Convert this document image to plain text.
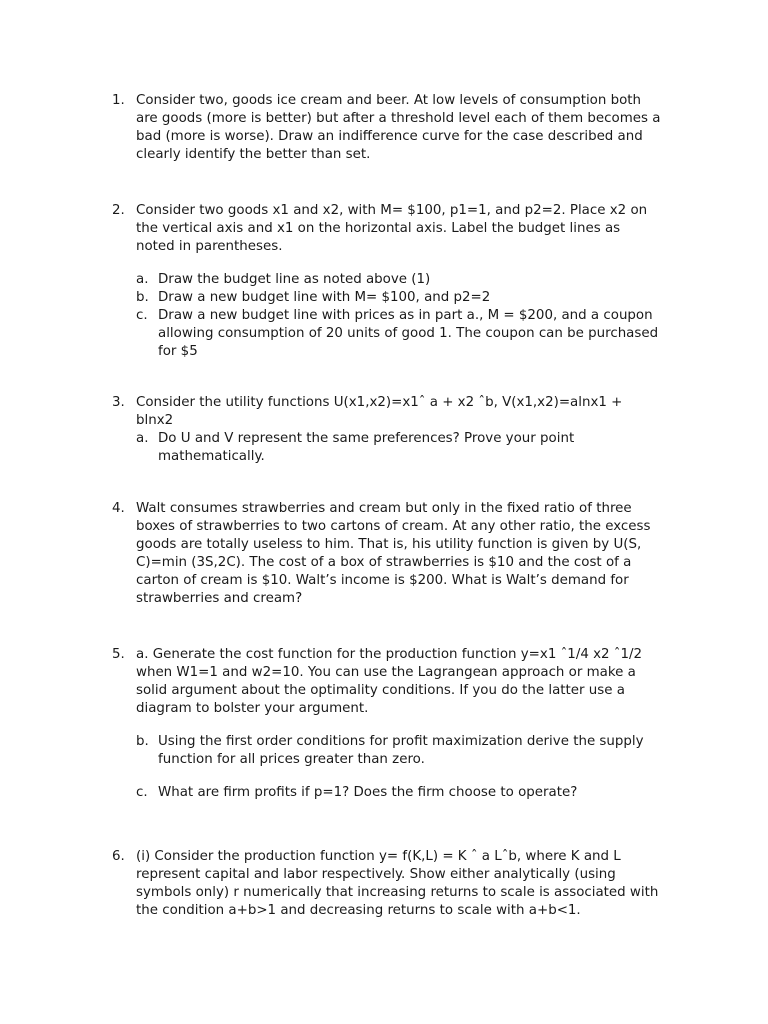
1. Consider two, goods ice cream and beer. At low levels of consumption both
are goods (more is better) but after a threshold level each of them becomes a
bad (more is worse). Draw an indifference curve for the case described and
clearly identify the better than set.
2. Consider two goods x1 and x2, with M= $100, p1=1, and p2=2. Place x2 on
the vertical axis and x1 on the horizontal axis. Label the budget lines as
noted in parentheses.
a. Draw the budget line as noted above (1)
b. Draw a new budget line with M= $100, and p2=2
c. Draw a new budget line with prices as in part a., M = $200, and a coupon
allowing consumption of 20 units of good 1. The coupon can be purchased
for $5
3. Consider the utility functions U(x1,x2)=x1ˆ a + x2 ˆb, V(x1,x2)=alnx1 +
blnx2
a. Do U and V represent the same preferences? Prove your point
mathematically.
4. Walt consumes strawberries and cream but only in the fixed ratio of three
boxes of strawberries to two cartons of cream. At any other ratio, the excess
goods are totally useless to him. That is, his utility function is given by U(S,
C)=min (3S,2C). The cost of a box of strawberries is $10 and the cost of a
carton of cream is $10. Walt’s income is $200. What is Walt’s demand for
strawberries and cream?
5. a. Generate the cost function for the production function y=x1 ˆ1/4 x2 ˆ1/2
when W1=1 and w2=10. You can use the Lagrangean approach or make a
solid argument about the optimality conditions. If you do the latter use a
diagram to bolster your argument.
b. Using the first order conditions for profit maximization derive the supply
function for all prices greater than zero.
c. What are firm profits if p=1? Does the firm choose to operate?
6. (i) Consider the production function y= f(K,L) = K ˆ a Lˆb, where K and L
represent capital and labor respectively. Show either analytically (using
symbols only) r numerically that increasing returns to scale is associated with
the condition a+b>1 and decreasing returns to scale with a+b<1.
